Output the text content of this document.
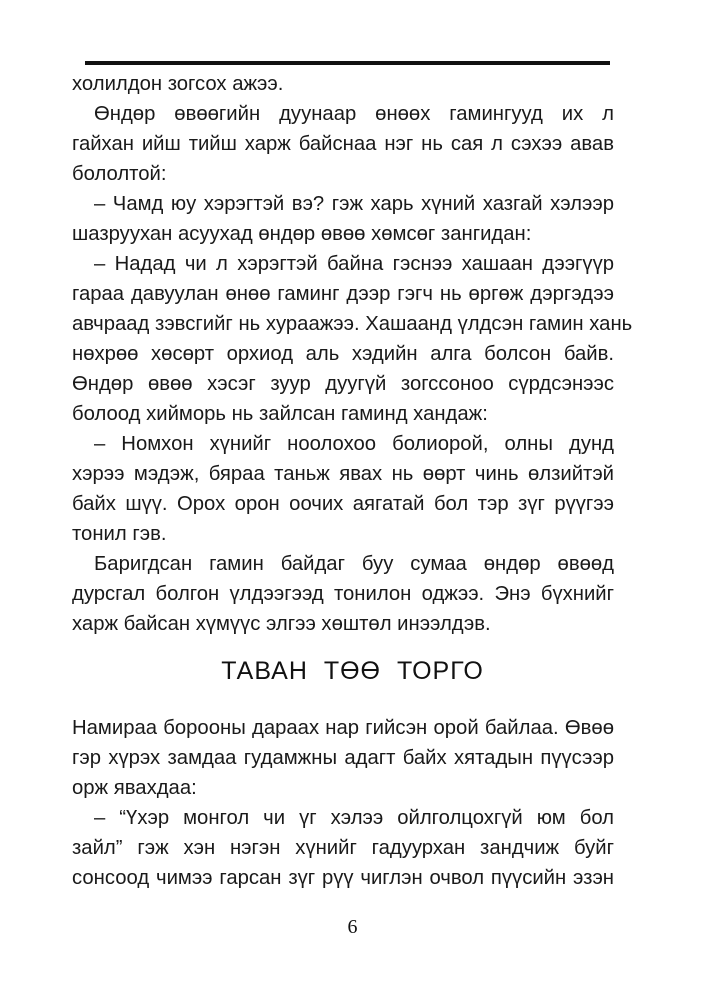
холилдон зогсох ажээ.
Өндөр өвөөгийн дуунаар өнөөх гамингууд их л
гайхан ийш тийш харж байснаа нэг нь сая л сэхээ авав
бололтой:
– Чамд юу хэрэгтэй вэ? гэж харь хүний хазгай хэлээр
шазруухан асуухад өндөр өвөө хөмсөг зангидан:
– Надад чи л хэрэгтэй байна гэснээ хашаан дээгүүр
гараа давуулан өнөө гаминг дээр гэгч нь өргөж дэргэдээ
авчраад зэвсгийг нь хураажээ. Хашаанд үлдсэн гамин хань
нөхрөө хөсөрт орхиод аль хэдийн алга болсон байв.
Өндөр өвөө хэсэг зуур дуугүй зогссоноо сүрдсэнээс
болоод хийморь нь зайлсан гаминд хандаж:
– Номхон хүнийг ноолохоо болиорой, олны дунд
хэрээ мэдэж, бяраа таньж явах нь өөрт чинь өлзийтэй
байх шүү. Орох орон оочих аягатай бол тэр зүг рүүгээ
тонил гэв.
Баригдсан гамин байдаг буу сумаа өндөр өвөөд
дурсгал болгон үлдээгээд тонилон оджээ. Энэ бүхнийг
харж байсан хүмүүс элгээ хөштөл инээлдэв.
ТАВАН ТӨӨ ТОРГО
Намираа борооны дараах нар гийсэн орой байлаа. Өвөө
гэр хүрэх замдаа гудамжны адагт байх хятадын пүүсээр
орж явахдаа:
– “Үхэр монгол чи үг хэлээ ойлголцохгүй юм бол
зайл” гэж хэн нэгэн хүнийг гадуурхан зандчиж буйг
сонсоод чимээ гарсан зүг рүү чиглэн очвол пүүсийн эзэн
6
